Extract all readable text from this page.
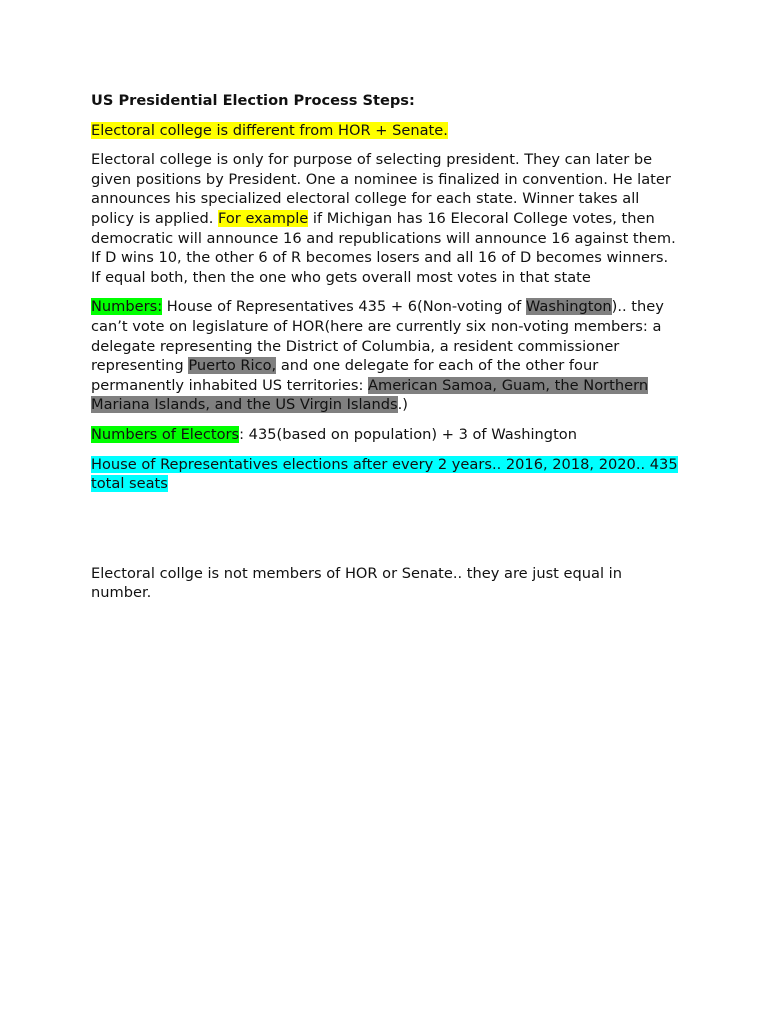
US Presidential Election Process Steps:

Electoral college is different from HOR + Senate.

Electoral college is only for purpose of selecting president. They can later be given positions by President. One a nominee is finalized in convention. He later announces his specialized electoral college for each state. Winner takes all policy is applied. For example if Michigan has 16 Elecoral College votes, then democratic will announce 16 and republications will announce 16 against them. If D wins 10, the other 6 of R becomes losers and all 16 of D becomes winners. If equal both, then the one who gets overall most votes in that state

Numbers: House of Representatives 435 + 6(Non-voting of Washington).. they can’t vote on legislature of HOR(here are currently six non-voting members: a delegate representing the District of Columbia, a resident commissioner representing Puerto Rico, and one delegate for each of the other four permanently inhabited US territories: American Samoa, Guam, the Northern Mariana Islands, and the US Virgin Islands.)

Numbers of Electors: 435(based on population) + 3 of Washington

House of Representatives elections after every 2 years.. 2016, 2018, 2020.. 435 total seats

Electoral collge is not members of HOR or Senate.. they are just equal in number.
